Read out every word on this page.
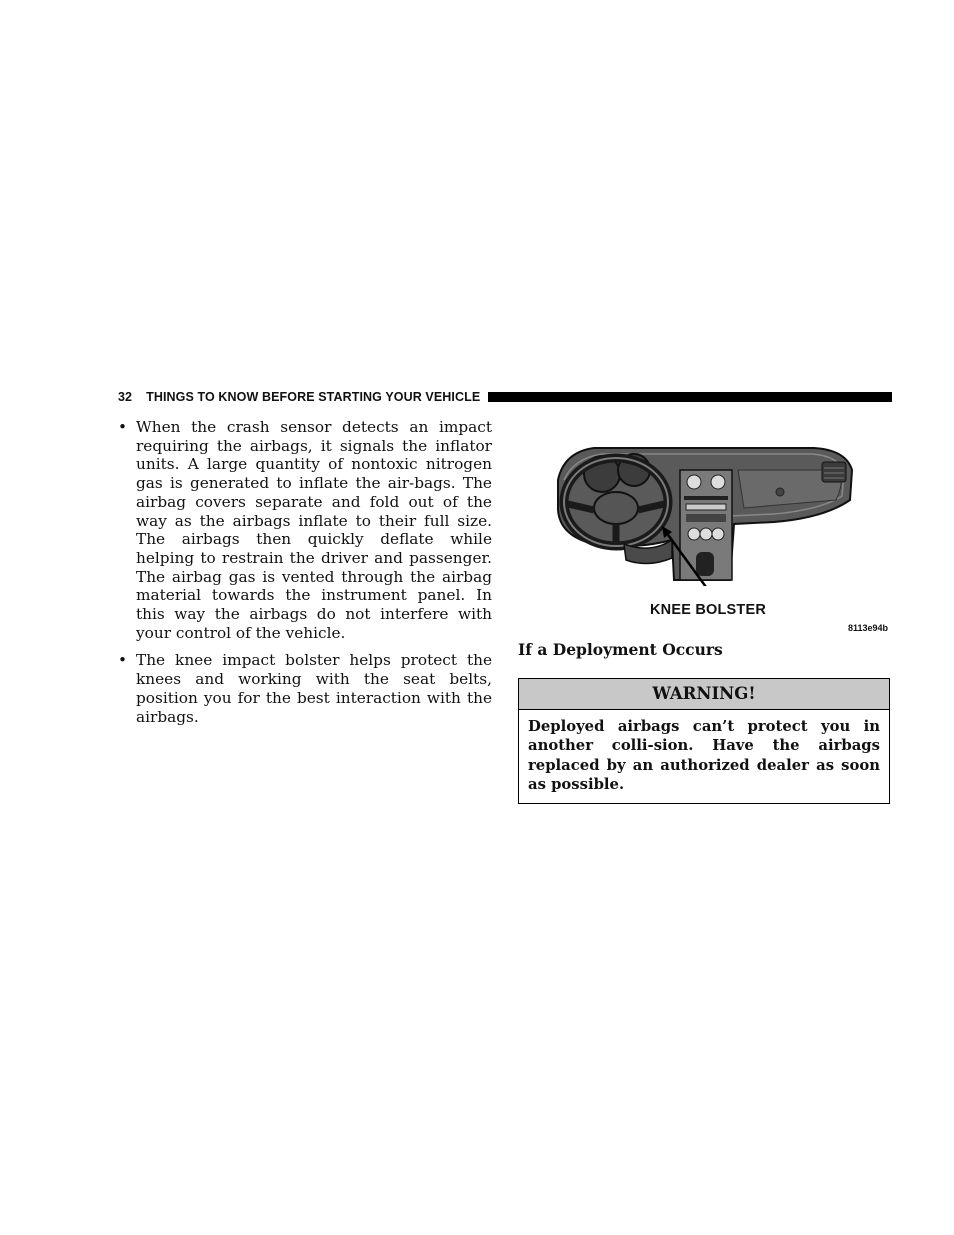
32 THINGS TO KNOW BEFORE STARTING YOUR VEHICLE
• When the crash sensor detects an impact requiring the airbags, it signals the inflator units. A large quantity of nontoxic nitrogen gas is generated to inflate the air-bags. The airbag covers separate and fold out of the way as the airbags inflate to their full size. The airbags then quickly deflate while helping to restrain the driver and passenger. The airbag gas is vented through the airbag material towards the instrument panel. In this way the airbags do not interfere with your control of the vehicle.

• The knee impact bolster helps protect the knees and working with the seat belts, position you for the best interaction with the airbags.

KNEE BOLSTER
8113e94b
If a Deployment Occurs
WARNING!
Deployed airbags can’t protect you in another colli-sion. Have the airbags replaced by an authorized dealer as soon as possible.
